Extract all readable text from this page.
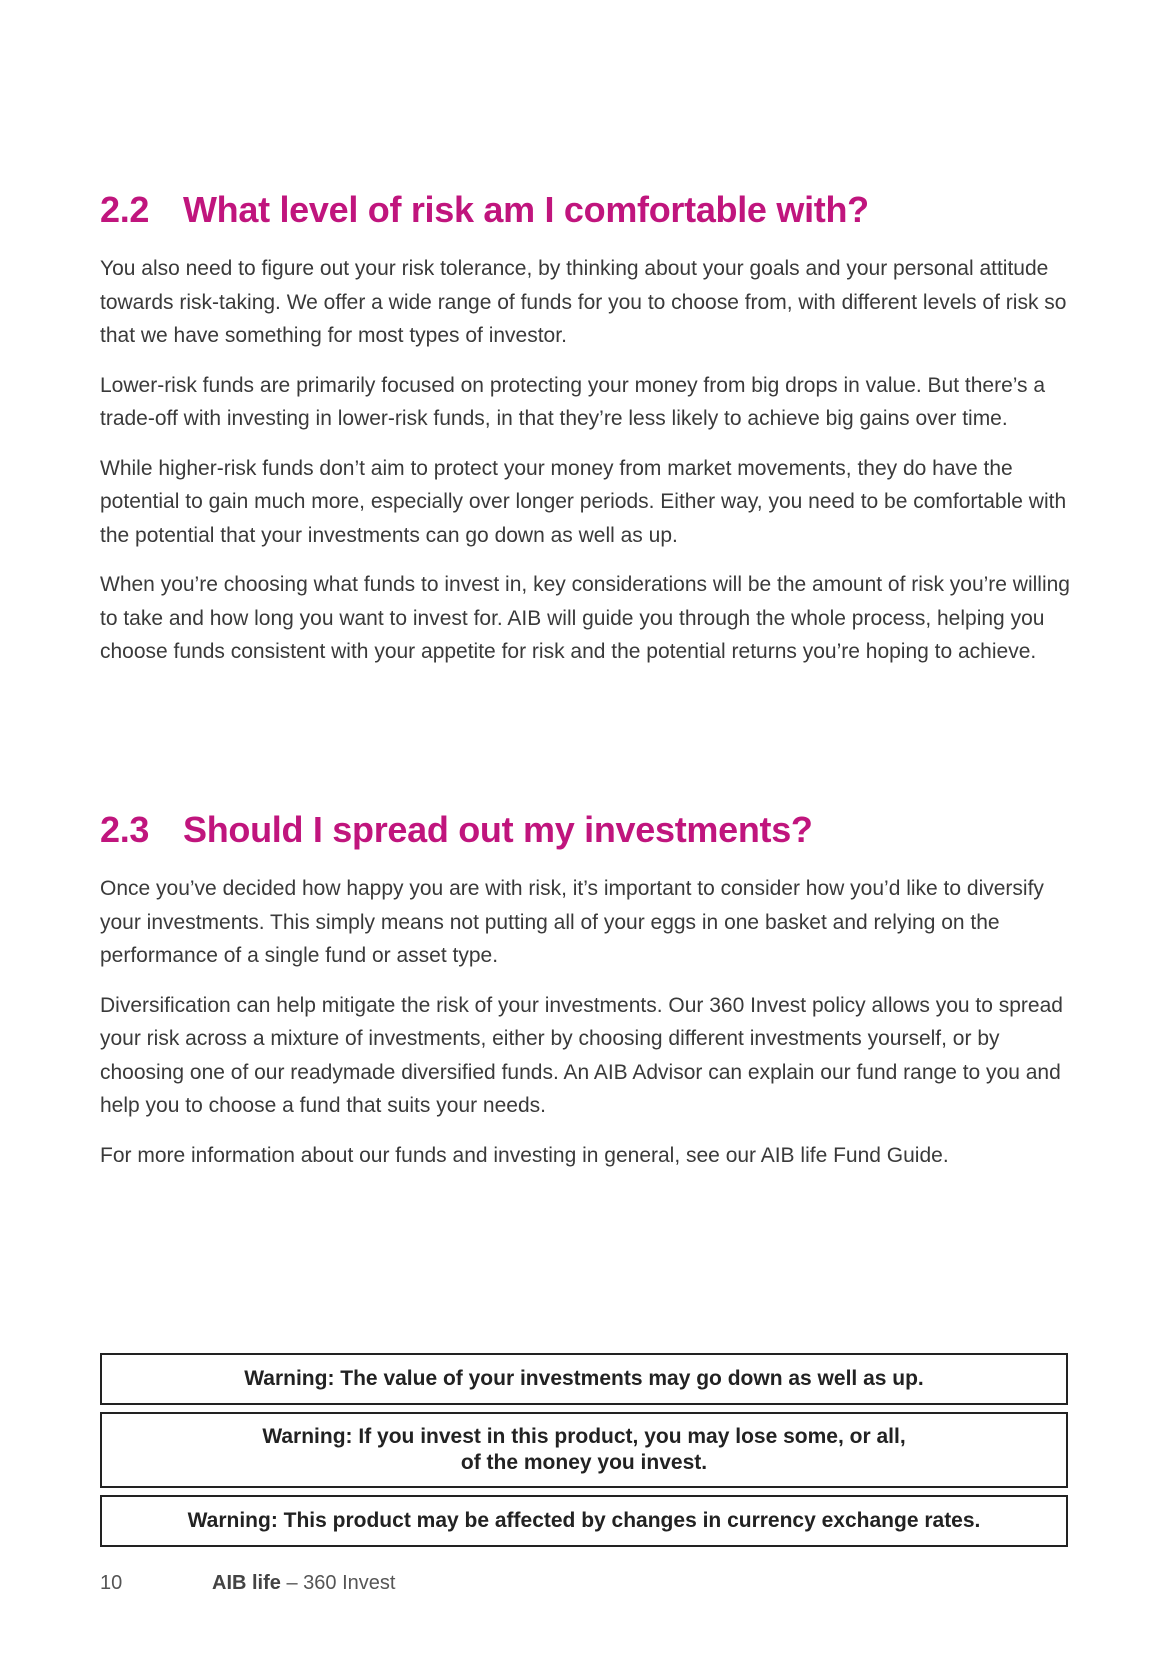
2.2 What level of risk am I comfortable with?

You also need to figure out your risk tolerance, by thinking about your goals and your personal attitude towards risk-taking. We offer a wide range of funds for you to choose from, with different levels of risk so that we have something for most types of investor.

Lower-risk funds are primarily focused on protecting your money from big drops in value. But there’s a trade-off with investing in lower-risk funds, in that they’re less likely to achieve big gains over time.

While higher-risk funds don’t aim to protect your money from market movements, they do have the potential to gain much more, especially over longer periods. Either way, you need to be comfortable with the potential that your investments can go down as well as up.

When you’re choosing what funds to invest in, key considerations will be the amount of risk you’re willing to take and how long you want to invest for. AIB will guide you through the whole process, helping you choose funds consistent with your appetite for risk and the potential returns you’re hoping to achieve.

2.3 Should I spread out my investments?

Once you’ve decided how happy you are with risk, it’s important to consider how you’d like to diversify your investments. This simply means not putting all of your eggs in one basket and relying on the performance of a single fund or asset type.

Diversification can help mitigate the risk of your investments. Our 360 Invest policy allows you to spread your risk across a mixture of investments, either by choosing different investments yourself, or by choosing one of our readymade diversified funds. An AIB Advisor can explain our fund range to you and help you to choose a fund that suits your needs.

For more information about our funds and investing in general, see our AIB life Fund Guide.

Warning: The value of your investments may go down as well as up.
Warning: If you invest in this product, you may lose some, or all,
of the money you invest.
Warning: This product may be affected by changes in currency exchange rates.
10	AIB life – 360 Invest
